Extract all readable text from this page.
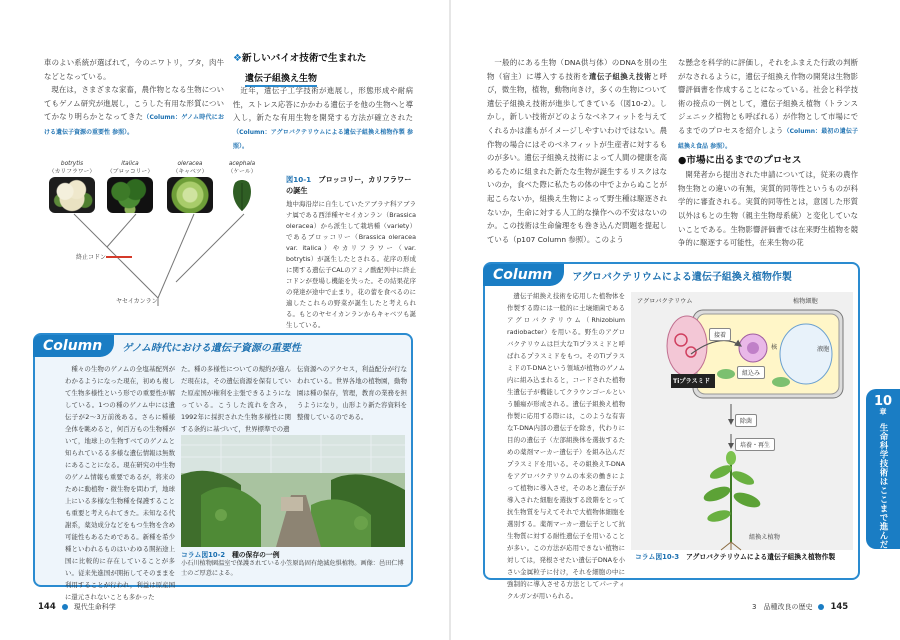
車のよい系統が選ばれて，今のニワトリ，ブタ，肉牛などとなっている。

現在は，さまざまな家畜，農作物となる生物についてもゲノム研究が進展し，こうした有用な形質についてかなり明らかとなってきた（Column：ゲノム時代における遺伝子資源の重要性 参照）。

❖新しいバイオ技術で生まれた
遺伝子組換え生物

近年，遺伝子工学技術が進展し，形態形成や耐病性，ストレス応答にかかわる遺伝子を他の生物へと導入し，新たな有用生物を開発する方法が確立された（Column：アグロバクテリウムによる遺伝子組換え植物作製 参照）。

botrytis
（カリフラワー）
italica
（ブロッコリー）
oleracea
（キャベツ）
acephala
（ケール）
終止コドン
ヤセイカンラン
図10-1　 ブロッコリー，カリフラワーの誕生
地中海沿岸に自生していたアブラナ科アブラナ属である西洋種ヤセイカンラン（Brassica oleracea）から派生して栽培種（variety）であるブロッコリー（Brassica oleracea var. italica）やカリフラワー（var. botrytis）が誕生したとされる。花序の形成に関する遺伝子CALのアミノ酸配列中に終止コドンが登場し機能を失った。その結果花序の発達が途中で止まり，花の蕾を食べるのに適したこれらの野菜が誕生したと考えられる。もとのヤセイカンランからキャベツも誕生している。
Column	ゲノム時代における遺伝子資源の重要性
種々の生物のゲノムの全塩基配列がわかるようになった現在，初めも複して生物多様性という形での重要性が解している。1つの種のゲノム中には遺伝子が2〜3万前後ある。さらに種様全体を眺めると，何百万もの生物種がいて，地球上の生物すべてのゲノムと知られているる多様な遺伝情報は無数にあることになる。現在研究の中生物のゲノム情報も重要であるが，将来のために動植物・微生物を問わず，地球上にいる多様な生物種を保護することも重要と考えられてきた。未知なる代謝系，薬効成分などをもつ生物を含め可能性もあるためである。新種を希少種といわれるものはいわゆる開拓途上国に比較的に存在していることが多い。従来先進国が開拓してそのままを利用することが行われ，利益は原産国に還元されないことも多かった
た。種の多様性についての規約が進んだ現在は，その遺伝資源を保有していた原産国が権利を主張できるようになっている。こうした流れを含み，1992年に採択された生物多様性に関する条約に基づいて，世界標準での遺
伝資源へのアクセス，利益配分が行なわれている。世界各地の植物園，動物園は種の保存，管理，教育の業務を担うようになり，山形より新た容資料を整備しているのである。
コラム図10-2　 種の保存の一例
小石川植物園温室で保護されている小笠原島固有絶滅危惧植物。画像：邑田仁博士のご厚意による。
144	現代生命科学

一般的にある生物（DNA供与体）のDNAを別の生物（宿主）に導入する技術を遺伝子組換え技術と呼び，微生物，植物，動物向きけ，多くの生物について遺伝子組換え技術が進歩してきている（図10-2）。しかし，新しい技術がどのようなベネフィットを与えてくれるかは誰もがイメージしやすいわけではない。農作物の場合にはそのベネフィットが生産者に対するものが多い。遺伝子組換え技術によって人間の健康を高めるために組まれた新たな生物が誕生するリスクはないのか，食べた際に私たちの体の中でよからぬことが起こらないか，組換え生物によって野生種は駆逐されないか，生命に対する人工的な操作への不安はないのか。この技術は生命倫理をも巻き込んだ問題を提起している（p107 Column 参照）。このよう

な懸念を科学的に評価し，それをふまえた行政の判断がなされるように，遺伝子組換え作物の開発は生物影響評価書を作成することになっている。社会と科学技術の接点の一例として，遺伝子組換え植物（トランスジェニック植物とも呼ばれる）が作物として市場にでるまでのプロセスを紹介しよう（Column：最初の遺伝子組換え食品 参照）。

●市場に出るまでのプロセス

開発者から提出された申請については，従来の農作物生物との違いの有無，実質的同等性というものが科学的に審査される。実質的同等性とは，意図した形質以外はもとの生物（親主生物母系統）と変化していないことである。生物影響評価書では在来野生植物を競争的に駆逐する可能性，在来生物の花

Column	アグロバクテリウムによる遺伝子組換え植物作製
遺伝子組換え技術を応用した植物体を作製する際には一般的に土壌細菌であるアグロバクテリウム（Rhizobium radiobacter）を用いる。野生のアグロバクテリウムは巨大なTiプラスミドと呼ばれるプラスミドをもつ。そのTiプラスミドのT-DNAという領域が植物のゲノム内に組み込まれると，コードされた植物生遺伝子が機能してクラウンゴールという腫瘍が形成される。遺伝子組換え植物作製に応用する際には，このような有害なT-DNA内部の遺伝子を除き，代わりに目的の遺伝子（左部組換体を選抜するための薬剤マーカー遺伝子）を組み込んだプラスミドを用いる。その組換えT-DNAをアグロバクテリウムの本来の働きによって植物に導入させ，そのあと遺伝子が導入された細胞を選抜する段階をとって抗生物質を与えてそれで大植物体細胞を選別する。薬剤マーカー遺伝子として抗生物質に対する耐性遺伝子を用いることが多い。この方法が応用できない植物に対しては，発根させたい遺伝子DNAを小さい金属粒子に付け，それを細胞の中に強制的に導入させる方法としてパーティクルガンが用いられる。
アグロバクテリウム	植物細胞
接着
組込み
核	液胞
Tiプラスミド
除菌
培養・再生
組換え植物
コラム図10-3　 アグロバクテリウムによる遺伝子組換え植物作製
3　品種改良の歴史 145
10
章
生命科学技術はここまで進んだ
